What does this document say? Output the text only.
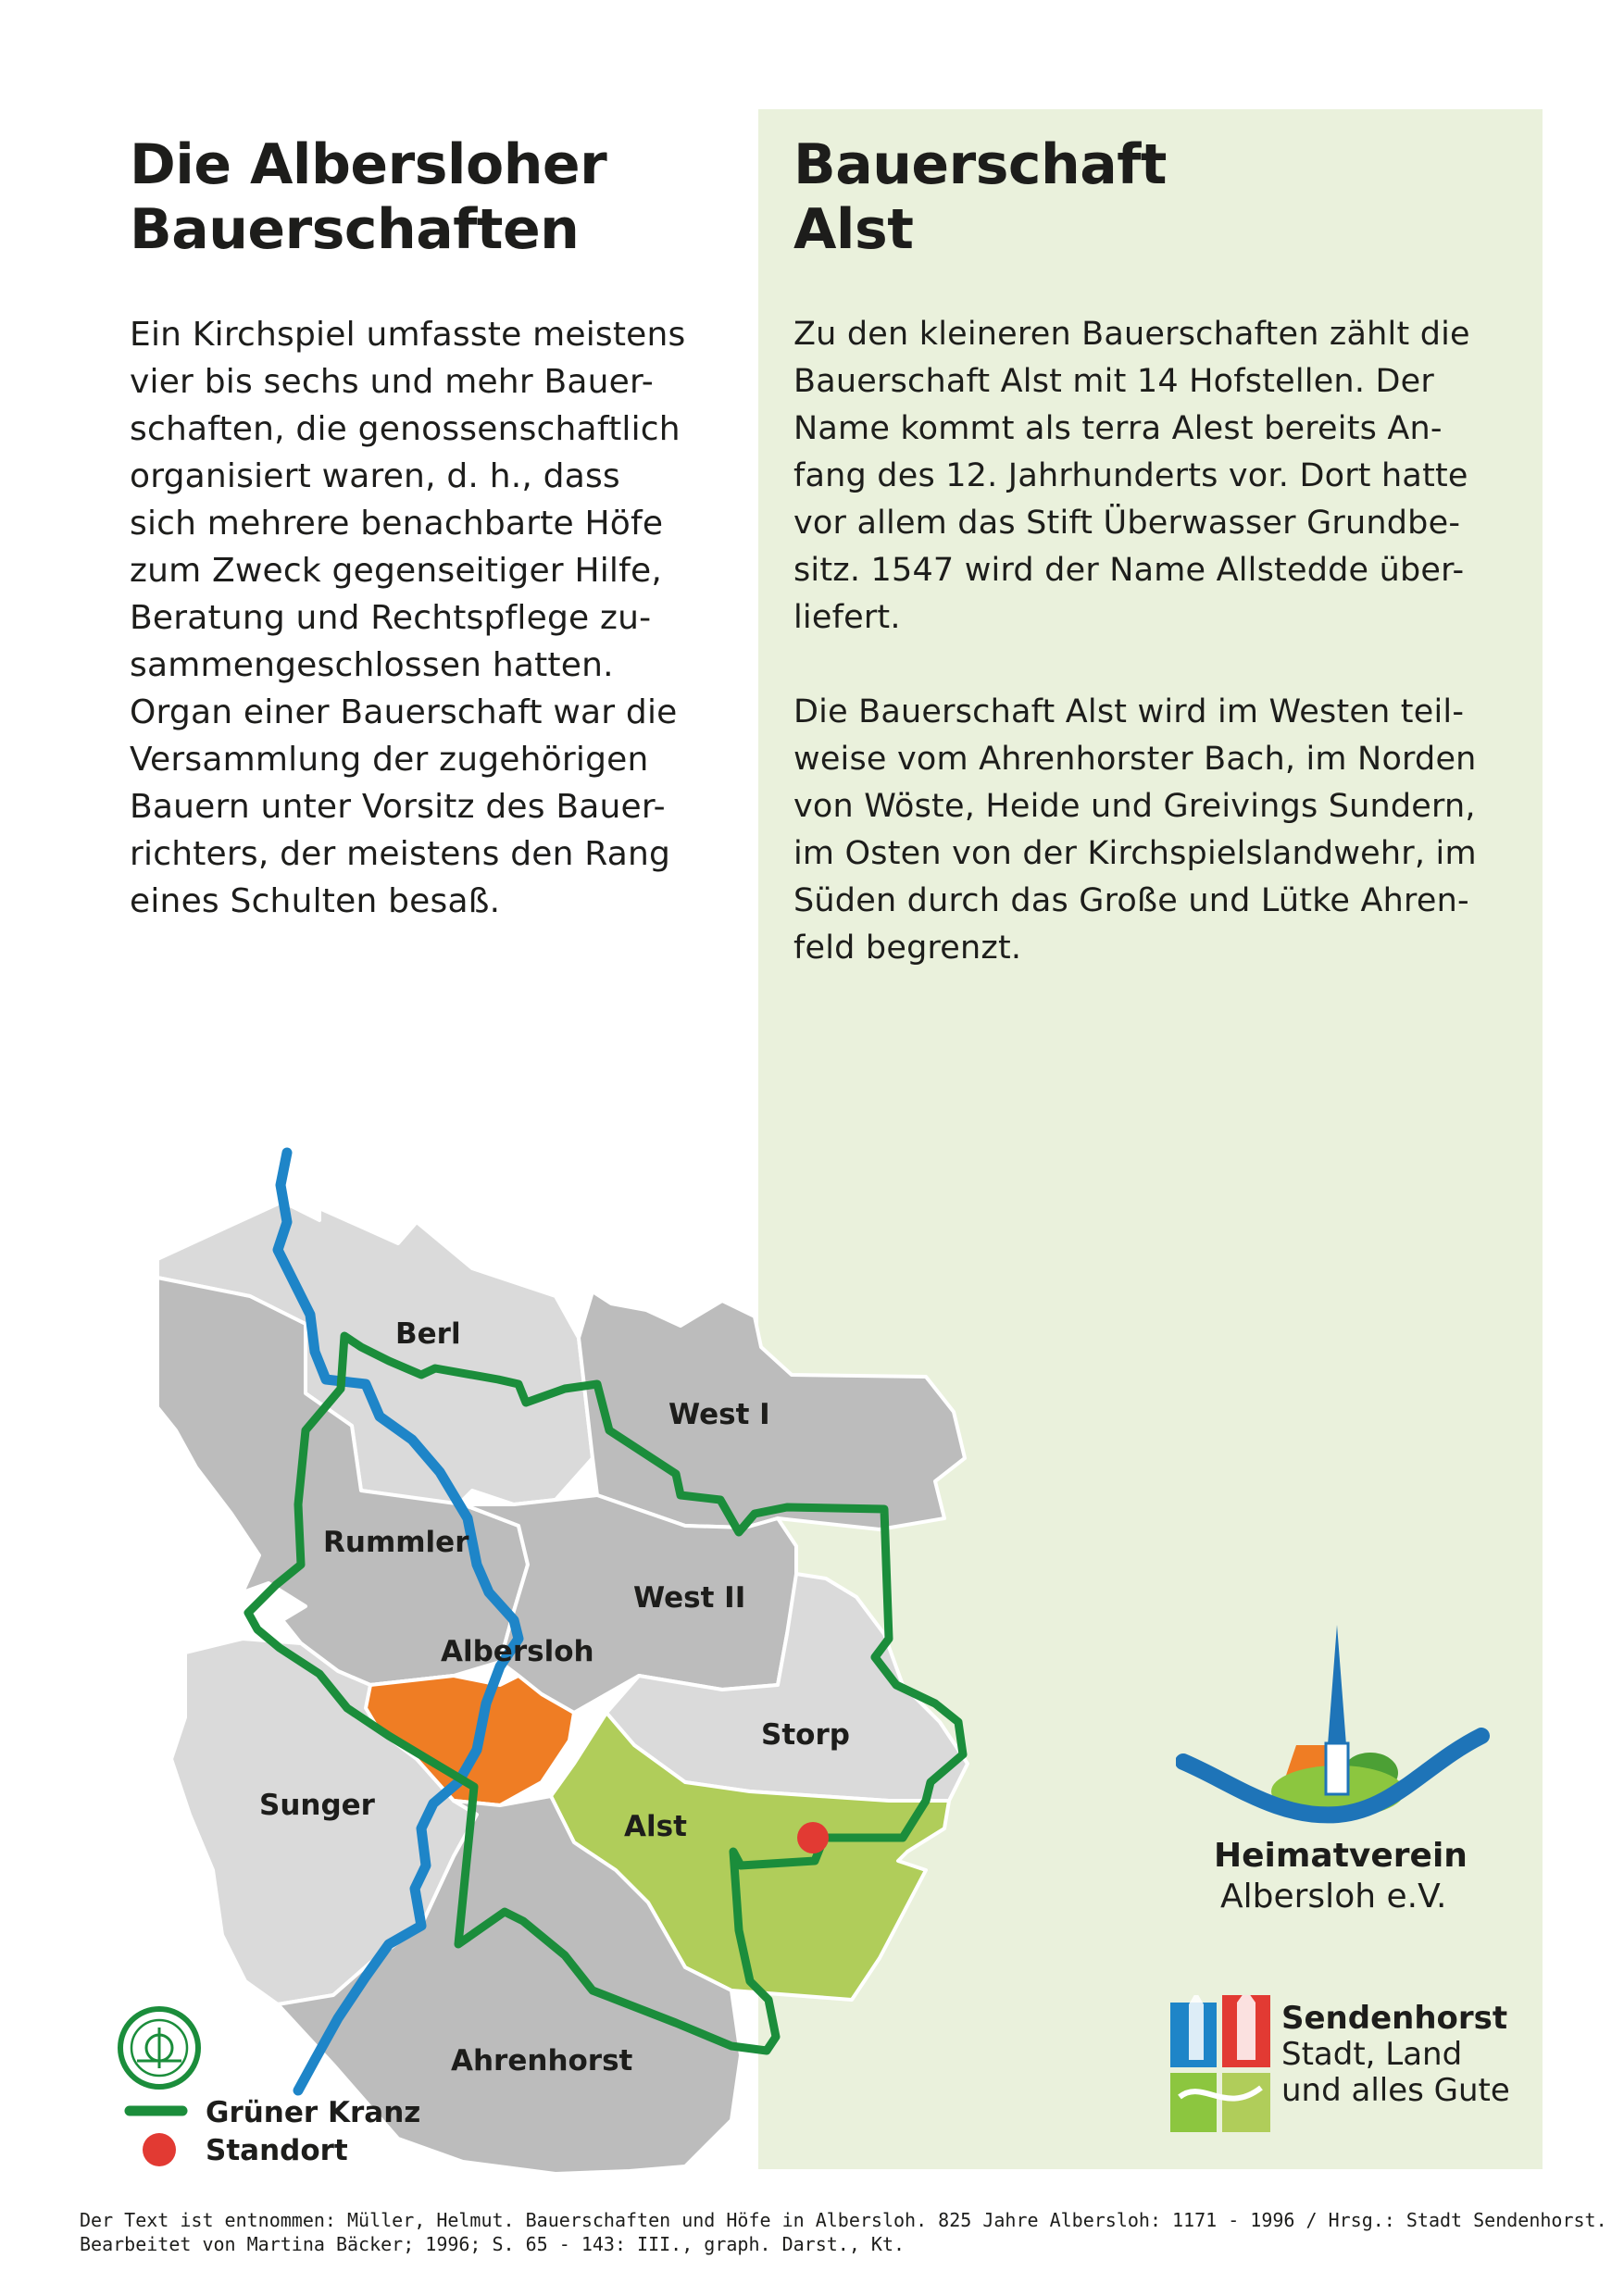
Die Albersloher
Bauerschaften
Ein Kirchspiel umfasste meistens
vier bis sechs und mehr Bauer-
schaften, die genossenschaftlich
organisiert waren, d. h., dass
sich mehrere benachbarte Höfe
zum Zweck gegenseitiger Hilfe,
Beratung und Rechtspflege zu-
sammengeschlossen hatten.
Organ einer Bauerschaft war die
Versammlung der zugehörigen
Bauern unter Vorsitz des Bauer-
richters, der meistens den Rang
eines Schulten besaß.
Bauerschaft
Alst
Zu den kleineren Bauerschaften zählt die
Bauerschaft Alst mit 14 Hofstellen. Der
Name kommt als terra Alest bereits An-
fang des 12. Jahrhunderts vor. Dort hatte
vor allem das Stift Überwasser Grundbe-
sitz. 1547 wird der Name Allstedde über-
liefert.
Die Bauerschaft Alst wird im Westen teil-
weise vom Ahrenhorster Bach, im Norden
von Wöste, Heide und Greivings Sundern,
im Osten von der Kirchspielslandwehr, im
Süden durch das Große und Lütke Ahren-
feld begrenzt.
Berl
West I
Rummler
West II
Albersloh
Storp
Sunger
Alst
Ahrenhorst
Grüner Kranz
Standort
Heimatverein
Albersloh e.V.
Sendenhorst
Stadt, Land
und alles Gute
Der Text ist entnommen: Müller, Helmut. Bauerschaften und Höfe in Albersloh. 825 Jahre Albersloh: 1171 - 1996 / Hrsg.: Stadt Sendenhorst.
Bearbeitet von Martina Bäcker; 1996; S. 65 - 143: III., graph. Darst., Kt.
